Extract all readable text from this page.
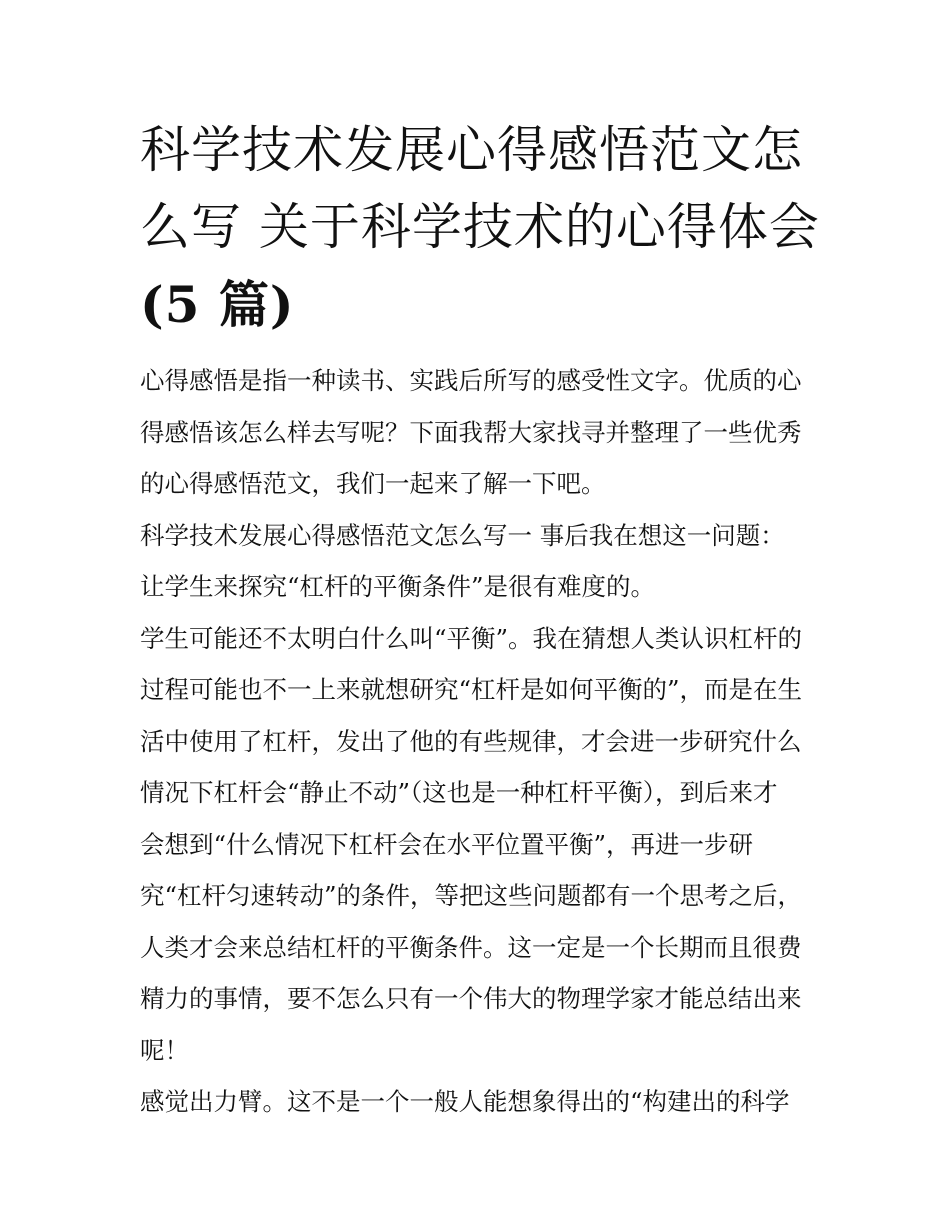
科学技术发展心得感悟范文怎
么写 关于科学技术的心得体会
(5 篇)
心得感悟是指一种读书、实践后所写的感受性文字。优质的心
得感悟该怎么样去写呢？下面我帮大家找寻并整理了一些优秀
的心得感悟范文，我们一起来了解一下吧。
科学技术发展心得感悟范文怎么写一 事后我在想这一问题：
让学生来探究“杠杆的平衡条件”是很有难度的。
学生可能还不太明白什么叫“平衡”。我在猜想人类认识杠杆的
过程可能也不一上来就想研究“杠杆是如何平衡的”，而是在生
活中使用了杠杆，发出了他的有些规律，才会进一步研究什么
情况下杠杆会“静止不动”（这也是一种杠杆平衡），到后来才
会想到“什么情况下杠杆会在水平位置平衡”，再进一步研
究“杠杆匀速转动”的条件，等把这些问题都有一个思考之后，
人类才会来总结杠杆的平衡条件。这一定是一个长期而且很费
精力的事情，要不怎么只有一个伟大的物理学家才能总结出来
呢！
感觉出力臂。这不是一个一般人能想象得出的“构建出的科学
